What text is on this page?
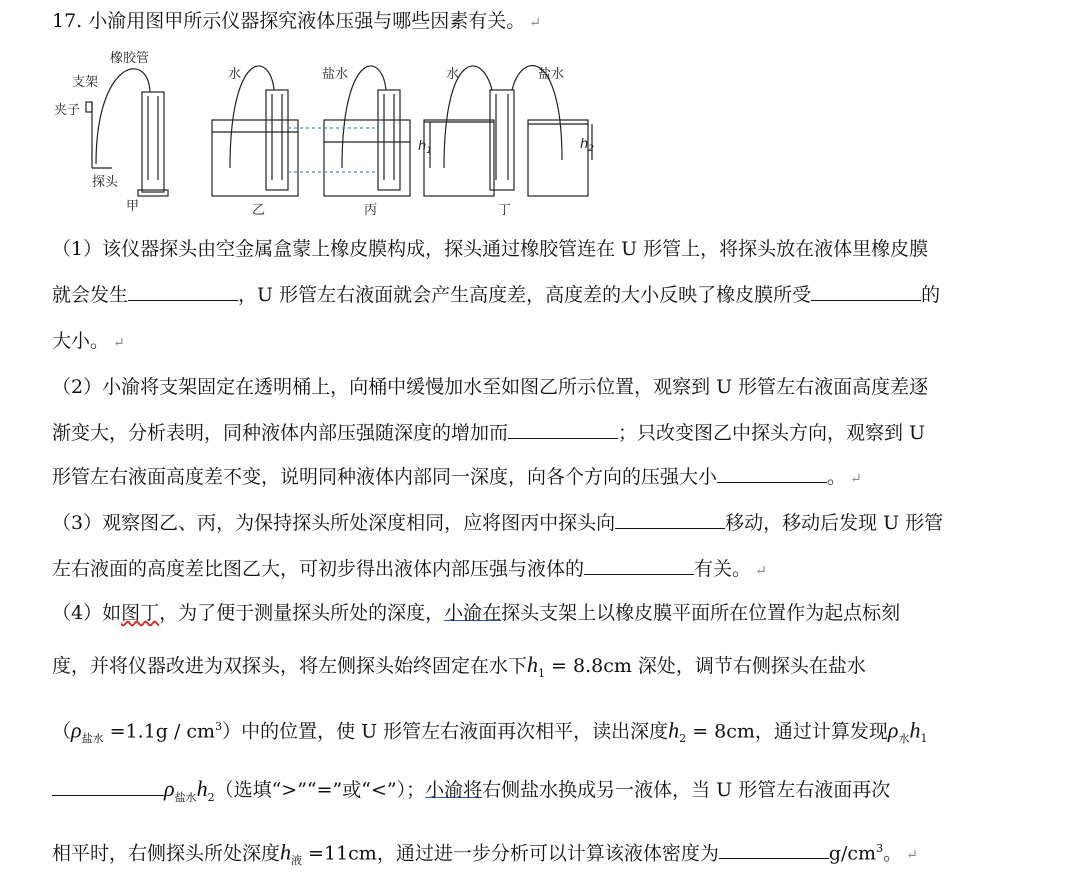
17. 小渝用图甲所示仪器探究液体压强与哪些因素有关。 ↵
橡胶管
支架
夹子
探头
水	盐水	水	盐水
$h_1$	$h_2$
甲	乙	丙	丁
（1）该仪器探头由空金属盒蒙上橡皮膜构成，探头通过橡胶管连在 U 形管上，将探头放在液体里橡皮膜
就会发生	，U 形管左右液面就会产生高度差，高度差的大小反映了橡皮膜所受	的
大小。 ↵
（2）小渝将支架固定在透明桶上，向桶中缓慢加水至如图乙所示位置，观察到 U 形管左右液面高度差逐
渐变大，分析表明，同种液体内部压强随深度的增加而	；只改变图乙中探头方向，观察到 U
形管左右液面高度差不变，说明同种液体内部同一深度，向各个方向的压强大小	。 ↵
（3）观察图乙、丙，为保持探头所处深度相同，应将图丙中探头向	移动，移动后发现 U 形管
左右液面的高度差比图乙大，可初步得出液体内部压强与液体的	有关。 ↵
（4）如图丁，为了便于测量探头所处的深度，小渝在探头支架上以橡皮膜平面所在位置作为起点标刻
度，并将仪器改进为双探头，将左侧探头始终固定在水下$h_1 = 8.8cm$ 深处，调节右侧探头在盐水
$(\rho_{盐水} =1.1g / cm^3)$中的位置，使 U 形管左右液面再次相平，读出深度$h_2 = 8cm$，通过计算发现$\rho_水h_1$
$\rho_{盐水}h_2$（选填“>”“=”或“<”）；小渝将右侧盐水换成另一液体，当 U 形管左右液面再次
相平时，右侧探头所处深度$h_液 =11cm$，通过进一步分析可以计算该液体密度为	$g/cm^3$。 ↵
